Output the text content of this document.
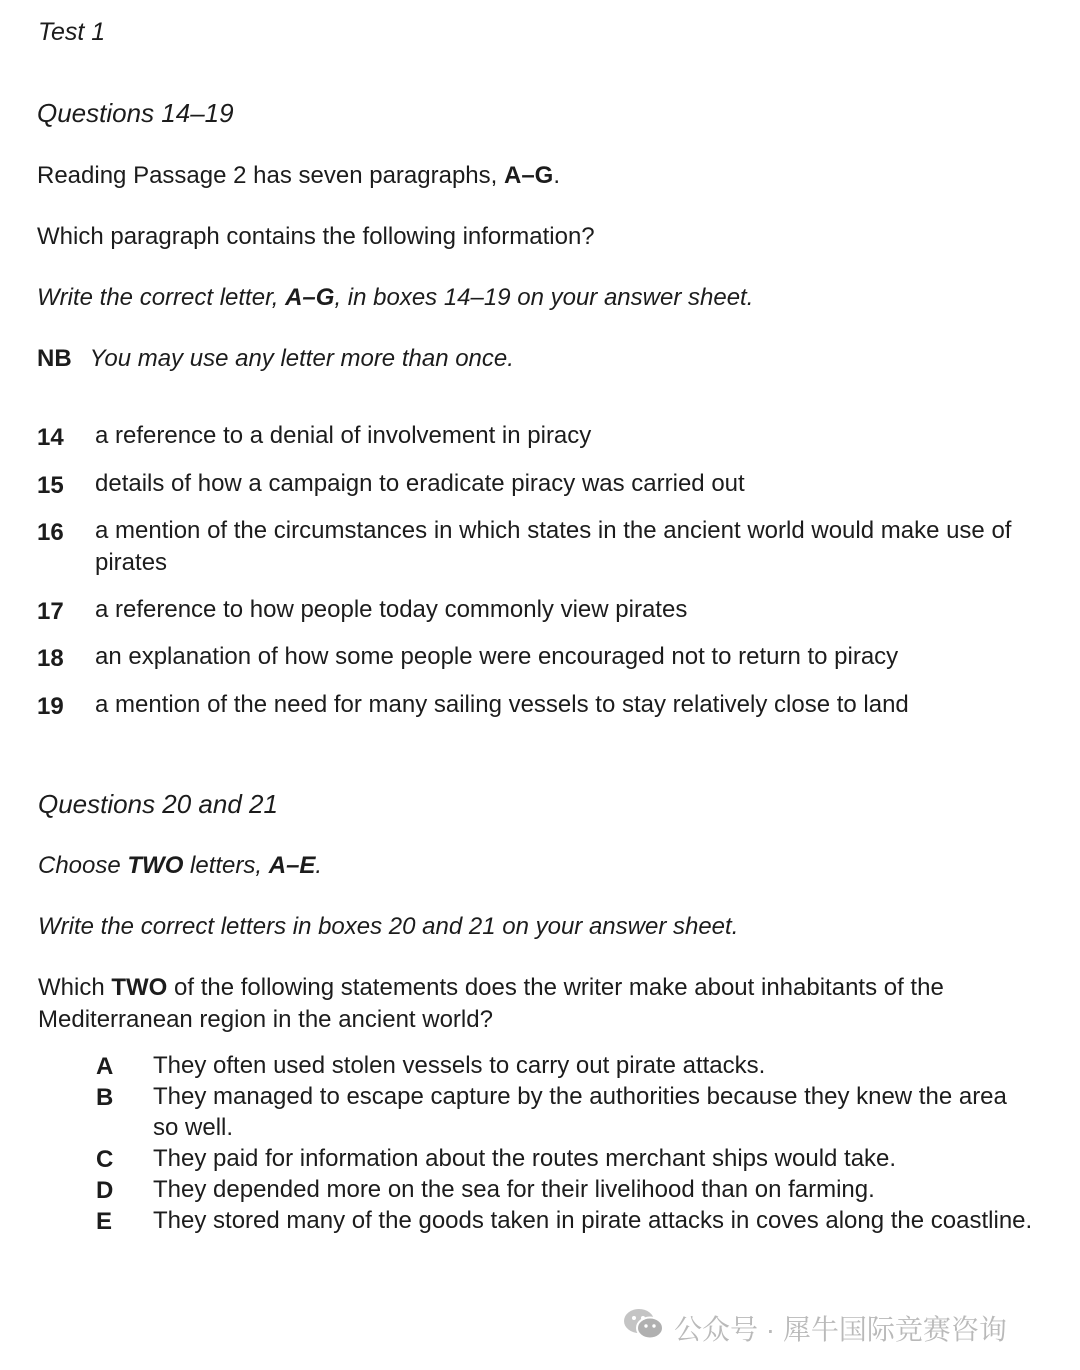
Test 1
Questions 14–19
Reading Passage 2 has seven paragraphs, A–G.
Which paragraph contains the following information?
Write the correct letter, A–G, in boxes 14–19 on your answer sheet.
NB You may use any letter more than once.
14 a reference to a denial of involvement in piracy
15 details of how a campaign to eradicate piracy was carried out
16 a mention of the circumstances in which states in the ancient world would make use of pirates
17 a reference to how people today commonly view pirates
18 an explanation of how some people were encouraged not to return to piracy
19 a mention of the need for many sailing vessels to stay relatively close to land
Questions 20 and 21
Choose TWO letters, A–E.
Write the correct letters in boxes 20 and 21 on your answer sheet.
Which TWO of the following statements does the writer make about inhabitants of the Mediterranean region in the ancient world?
A They often used stolen vessels to carry out pirate attacks.
B They managed to escape capture by the authorities because they knew the area so well.
C They paid for information about the routes merchant ships would take.
D They depended more on the sea for their livelihood than on farming.
E They stored many of the goods taken in pirate attacks in coves along the coastline.
公众号 · 犀牛国际竞赛咨询
